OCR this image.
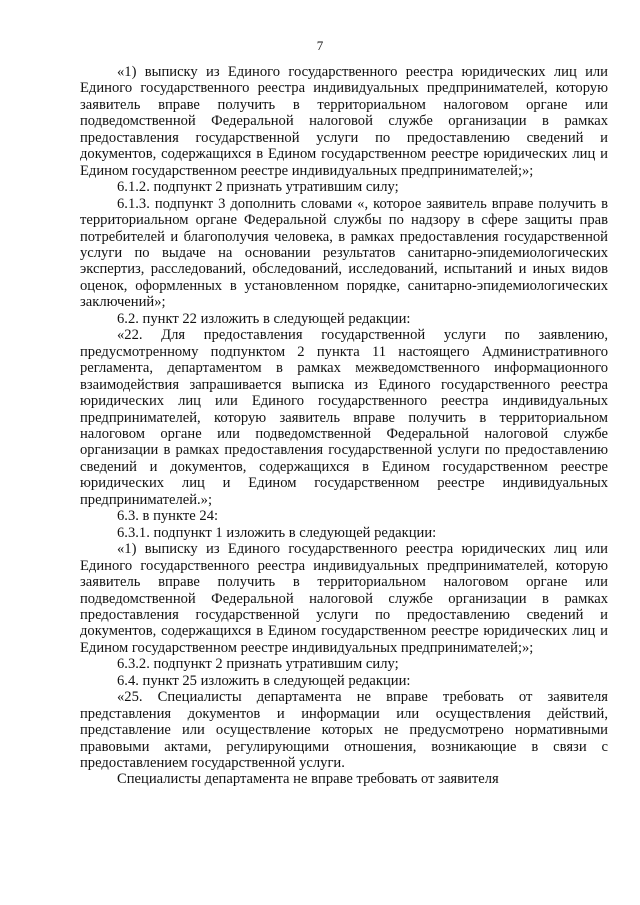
7

«1) выписку из Единого государственного реестра юридических лиц или Единого государственного реестра индивидуальных предпринимателей, которую заявитель вправе получить в территориальном налоговом органе или подведомственной Федеральной налоговой службе организации в рамках предоставления государственной услуги по предоставлению сведений и документов, содержащихся в Едином государственном реестре юридических лиц и Едином государственном реестре индивидуальных предпринимателей;»;

6.1.2. подпункт 2 признать утратившим силу;

6.1.3. подпункт 3 дополнить словами «, которое заявитель вправе получить в территориальном органе Федеральной службы по надзору в сфере защиты прав потребителей и благополучия человека, в рамках предоставления государственной услуги по выдаче на основании результатов санитарно-эпидемиологических экспертиз, расследований, обследований, исследований, испытаний и иных видов оценок, оформленных в установленном порядке, санитарно-эпидемиологических заключений»;

6.2. пункт 22 изложить в следующей редакции:

«22. Для предоставления государственной услуги по заявлению, предусмотренному подпунктом 2 пункта 11 настоящего Административного регламента, департаментом в рамках межведомственного информационного взаимодействия запрашивается выписка из Единого государственного реестра юридических лиц или Единого государственного реестра индивидуальных предпринимателей, которую заявитель вправе получить в территориальном налоговом органе или подведомственной Федеральной налоговой службе организации в рамках предоставления государственной услуги по предоставлению сведений и документов, содержащихся в Едином государственном реестре юридических лиц и Едином государственном реестре индивидуальных предпринимателей.»;

6.3. в пункте 24:

6.3.1. подпункт 1 изложить в следующей редакции:

«1) выписку из Единого государственного реестра юридических лиц или Единого государственного реестра индивидуальных предпринимателей, которую заявитель вправе получить в территориальном налоговом органе или подведомственной Федеральной налоговой службе организации в рамках предоставления государственной услуги по предоставлению сведений и документов, содержащихся в Едином государственном реестре юридических лиц и Едином государственном реестре индивидуальных предпринимателей;»;

6.3.2. подпункт 2 признать утратившим силу;

6.4. пункт 25 изложить в следующей редакции:

«25. Специалисты департамента не вправе требовать от заявителя представления документов и информации или осуществления действий, представление или осуществление которых не предусмотрено нормативными правовыми актами, регулирующими отношения, возникающие в связи с предоставлением государственной услуги.

Специалисты департамента не вправе требовать от заявителя
